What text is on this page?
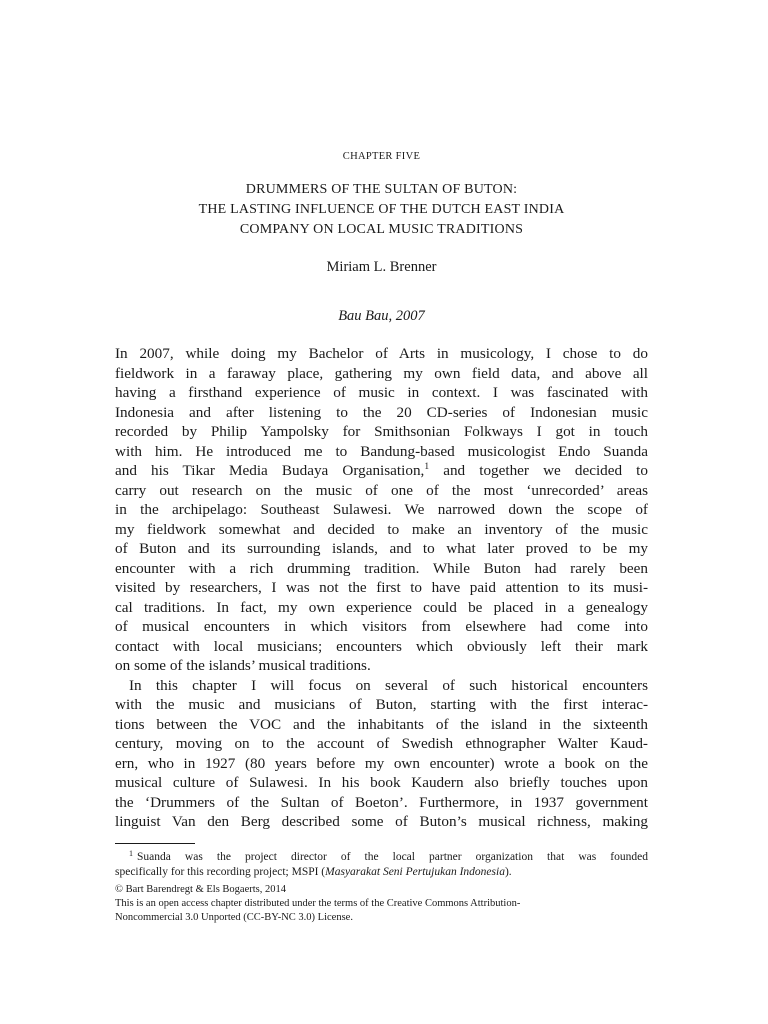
CHAPTER FIVE
DRUMMERS OF THE SULTAN OF BUTON:
THE LASTING INFLUENCE OF THE DUTCH EAST INDIA
COMPANY ON LOCAL MUSIC TRADITIONS
Miriam L. Brenner
Bau Bau, 2007
In 2007, while doing my Bachelor of Arts in musicology, I chose to do
fieldwork in a faraway place, gathering my own field data, and above all
having a firsthand experience of music in context. I was fascinated with
Indonesia and after listening to the 20 CD-series of Indonesian music
recorded by Philip Yampolsky for Smithsonian Folkways I got in touch
with him. He introduced me to Bandung-based musicologist Endo Suanda
and his Tikar Media Budaya Organisation,$^1$ and together we decided to
carry out research on the music of one of the most ‘unrecorded’ areas
in the archipelago: Southeast Sulawesi. We narrowed down the scope of
my fieldwork somewhat and decided to make an inventory of the music
of Buton and its surrounding islands, and to what later proved to be my
encounter with a rich drumming tradition. While Buton had rarely been
visited by researchers, I was not the first to have paid attention to its musi-
cal traditions. In fact, my own experience could be placed in a genealogy
of musical encounters in which visitors from elsewhere had come into
contact with local musicians; encounters which obviously left their mark
on some of the islands’ musical traditions.
In this chapter I will focus on several of such historical encounters
with the music and musicians of Buton, starting with the first interac-
tions between the VOC and the inhabitants of the island in the sixteenth
century, moving on to the account of Swedish ethnographer Walter Kaud-
ern, who in 1927 (80 years before my own encounter) wrote a book on the
musical culture of Sulawesi. In his book Kaudern also briefly touches upon
the ‘Drummers of the Sultan of Boeton’. Furthermore, in 1937 government
linguist Van den Berg described some of Buton’s musical richness, making
$^1$ Suanda was the project director of the local partner organization that was founded
specifically for this recording project; MSPI (Masyarakat Seni Pertujukan Indonesia).
© Bart Barendregt & Els Bogaerts, 2014
This is an open access chapter distributed under the terms of the Creative Commons Attribution-
Noncommercial 3.0 Unported (CC-BY-NC 3.0) License.
